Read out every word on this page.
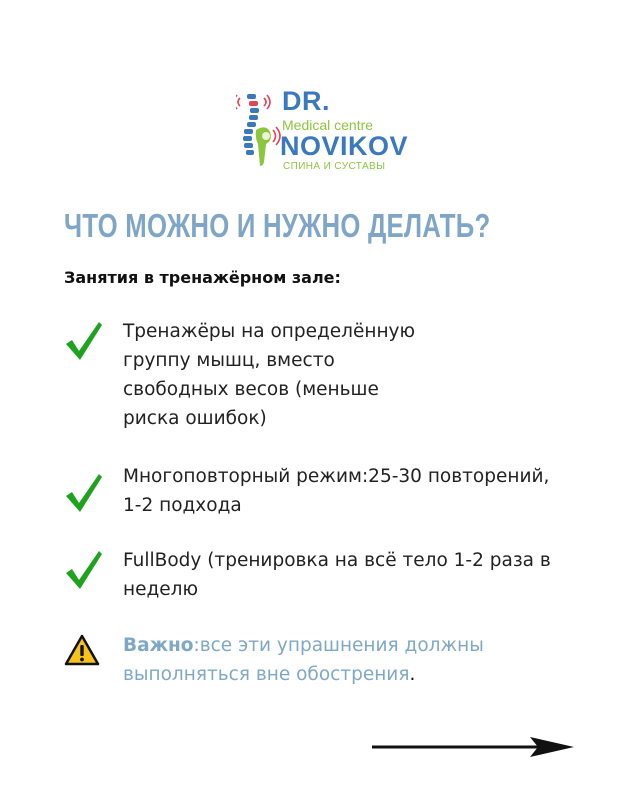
DR.
Medical centre
NOVIKOV
СПИНА И СУСТАВЫ
ЧТО МОЖНО И НУЖНО ДЕЛАТЬ?
Занятия в тренажёрном зале:
Тренажёры на определённую
группу мышц, вместо
свободных весов (меньше
риска ошибок)
Многоповторный режим:25-30 повторений,
1-2 подхода
FullBody (тренировка на всё тело 1-2 раза в
неделю
Важно:все эти упрашнения должны
выполняться вне обострения.
